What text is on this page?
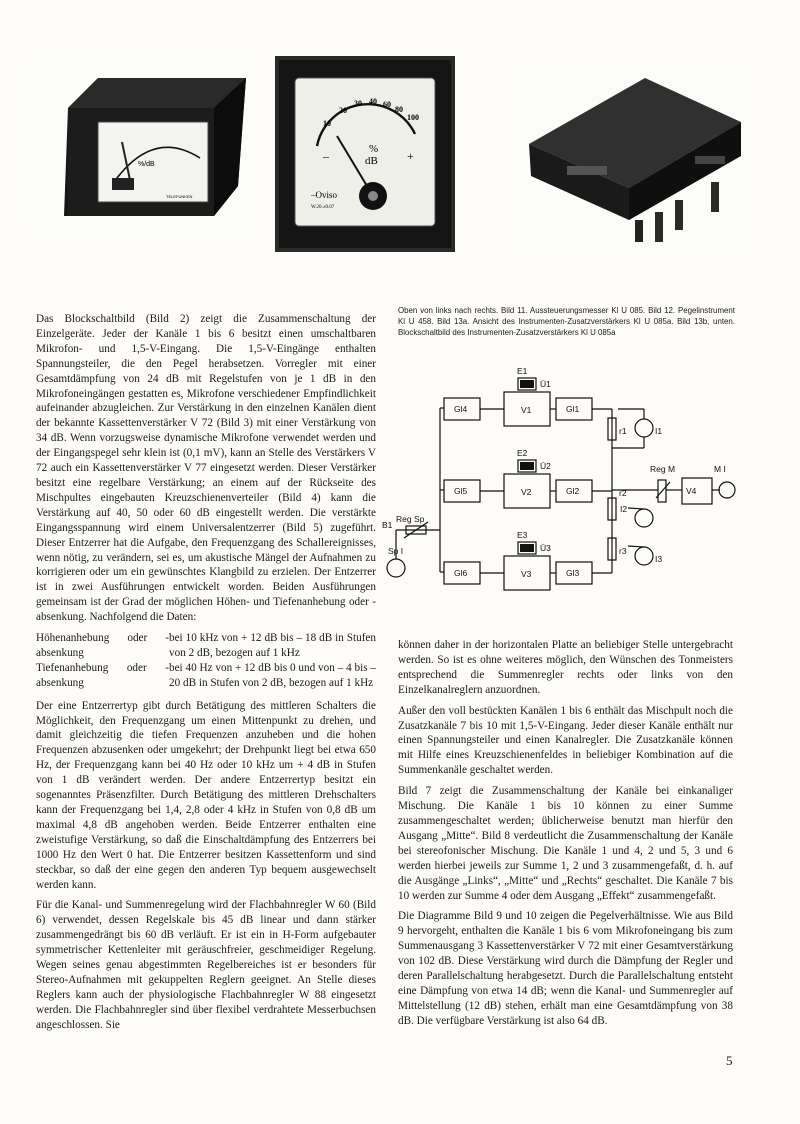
%/dB
TELEFUNKEN
10
20
30 40 60
80
100
%
dB
–	+
–Oviso
W.20.±0.07
Oben von links nach rechts. Bild 11. Aussteuerungsmesser Kl U 085. Bild 12. Pegelinstrument Kl U 458. Bild 13a. Ansicht des Instrumenten-Zusatzverstärkers Kl U 085a. Bild 13b, unten. Blockschaltbild des Instrumenten-Zusatzverstärkers Kl U 085a
E1
Ü1
E2
Ü2
E3
Ü3
Gl4
Gl5
Gl6
V1
V2
V3
Gl1
Gl2
Gl3
r1
r2
r3
I1
I2
I3
V4
Reg M	M I
Reg Sp
B1
Sp I

Das Blockschaltbild (Bild 2) zeigt die Zusammenschaltung der Einzelgeräte. Jeder der Kanäle 1 bis 6 besitzt einen umschaltbaren Mikrofon- und 1,5-V-Eingang. Die 1,5-V-Eingänge enthalten Spannungsteiler, die den Pegel herabsetzen. Vorregler mit einer Gesamtdämpfung von 24 dB mit Regelstufen von je 1 dB in den Mikrofoneingängen gestatten es, Mikrofone verschiedener Empfindlichkeit aufeinander abzugleichen. Zur Verstärkung in den einzelnen Kanälen dient der bekannte Kassettenverstärker V 72 (Bild 3) mit einer Verstärkung von 34 dB. Wenn vorzugsweise dynamische Mikrofone verwendet werden und der Eingangspegel sehr klein ist (0,1 mV), kann an Stelle des Verstärkers V 72 auch ein Kassettenverstärker V 77 eingesetzt werden. Dieser Verstärker besitzt eine regelbare Verstärkung; an einem auf der Rückseite des Mischpultes eingebauten Kreuzschienenverteiler (Bild 4) kann die Verstärkung auf 40, 50 oder 60 dB eingestellt werden. Die verstärkte Eingangsspannung wird einem Universalentzerrer (Bild 5) zugeführt. Dieser Entzerrer hat die Aufgabe, den Frequenzgang des Schallereignisses, wenn nötig, zu verändern, sei es, um akustische Mängel der Aufnahmen zu korrigieren oder um ein gewünschtes Klangbild zu erzielen. Der Entzerrer ist in zwei Ausführungen entwickelt worden. Beiden Ausführungen gemeinsam ist der Grad der möglichen Höhen- und Tiefenanhebung oder -absenkung. Nachfolgend die Daten:

Höhenanhebung oder -absenkung	bei 10 kHz von + 12 dB bis – 18 dB in Stufen von 2 dB, bezogen auf 1 kHz
Tiefenanhebung oder -absenkung	bei 40 Hz von + 12 dB bis 0 und von – 4 bis – 20 dB in Stufen von 2 dB, bezogen auf 1 kHz

Der eine Entzerrertyp gibt durch Betätigung des mittleren Schalters die Möglichkeit, den Frequenzgang um einen Mittenpunkt zu drehen, und damit gleichzeitig die tiefen Frequenzen anzuheben und die hohen Frequenzen abzusenken oder umgekehrt; der Drehpunkt liegt bei etwa 650 Hz, der Frequenzgang kann bei 40 Hz oder 10 kHz um + 4 dB in Stufen von 1 dB verändert werden. Der andere Entzerrertyp besitzt ein sogenanntes Präsenzfilter. Durch Betätigung des mittleren Drehschalters kann der Frequenzgang bei 1,4, 2,8 oder 4 kHz in Stufen von 0,8 dB um maximal 4,8 dB angehoben werden. Beide Entzerrer enthalten eine zweistufige Verstärkung, so daß die Einschaltdämpfung des Entzerrers bei 1000 Hz den Wert 0 hat. Die Entzerrer besitzen Kassettenform und sind steckbar, so daß der eine gegen den anderen Typ bequem ausgewechselt werden kann.

Für die Kanal- und Summenregelung wird der Flachbahnregler W 60 (Bild 6) verwendet, dessen Regelskale bis 45 dB linear und dann stärker zusammengedrängt bis 60 dB verläuft. Er ist ein in H-Form aufgebauter symmetrischer Kettenleiter mit geräuschfreier, geschmeidiger Regelung. Wegen seines genau abgestimmten Regelbereiches ist er besonders für Stereo-Aufnahmen mit gekuppelten Reglern geeignet. An Stelle dieses Reglers kann auch der physiologische Flachbahnregler W 88 eingesetzt werden. Die Flachbahnregler sind über flexibel verdrahtete Messerbuchsen angeschlossen. Sie

können daher in der horizontalen Platte an beliebiger Stelle untergebracht werden. So ist es ohne weiteres möglich, den Wünschen des Tonmeisters entsprechend die Summenregler rechts oder links von den Einzelkanalreglern anzuordnen.

Außer den voll bestückten Kanälen 1 bis 6 enthält das Mischpult noch die Zusatzkanäle 7 bis 10 mit 1,5-V-Eingang. Jeder dieser Kanäle enthält nur einen Spannungsteiler und einen Kanalregler. Die Zusatzkanäle können mit Hilfe eines Kreuzschienenfeldes in beliebiger Kombination auf die Summenkanäle geschaltet werden.

Bild 7 zeigt die Zusammenschaltung der Kanäle bei einkanaliger Mischung. Die Kanäle 1 bis 10 können zu einer Summe zusammengeschaltet werden; üblicherweise benutzt man hierfür den Ausgang „Mitte“. Bild 8 verdeutlicht die Zusammenschaltung der Kanäle bei stereofonischer Mischung. Die Kanäle 1 und 4, 2 und 5, 3 und 6 werden hierbei jeweils zur Summe 1, 2 und 3 zusammengefaßt, d. h. auf die Ausgänge „Links“, „Mitte“ und „Rechts“ geschaltet. Die Kanäle 7 bis 10 werden zur Summe 4 oder dem Ausgang „Effekt“ zusammengefaßt.

Die Diagramme Bild 9 und 10 zeigen die Pegelverhältnisse. Wie aus Bild 9 hervorgeht, enthalten die Kanäle 1 bis 6 vom Mikrofoneingang bis zum Summenausgang 3 Kassettenverstärker V 72 mit einer Gesamtverstärkung von 102 dB. Diese Verstärkung wird durch die Dämpfung der Regler und deren Parallelschaltung herabgesetzt. Durch die Parallelschaltung entsteht eine Dämpfung von etwa 14 dB; wenn die Kanal- und Summenregler auf Mittelstellung (12 dB) stehen, erhält man eine Gesamtdämpfung von 38 dB. Die verfügbare Verstärkung ist also 64 dB.

5
